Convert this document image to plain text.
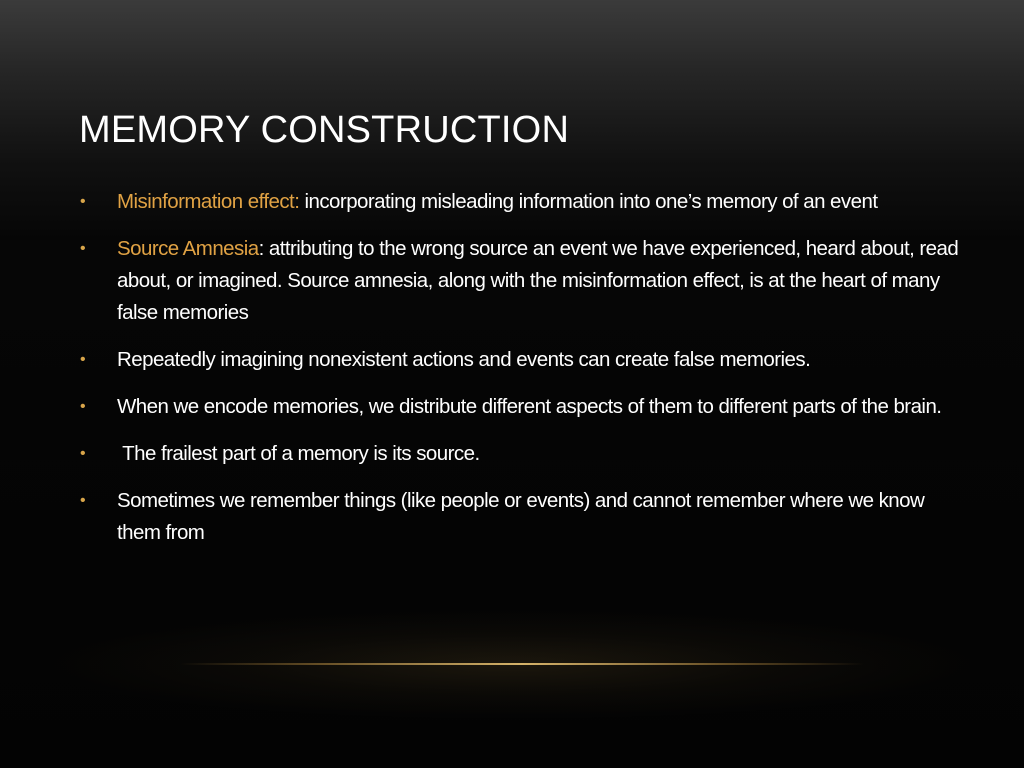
MEMORY CONSTRUCTION
• Misinformation effect: incorporating misleading information into one’s memory of an event
• Source Amnesia: attributing to the wrong source an event we have experienced, heard about, read about, or imagined. Source amnesia, along with the misinformation effect, is at the heart of many false memories
• Repeatedly imagining nonexistent actions and events can create false memories.
• When we encode memories, we distribute different aspects of them to different parts of the brain.
• The frailest part of a memory is its source.
• Sometimes we remember things (like people or events) and cannot remember where we know them from
